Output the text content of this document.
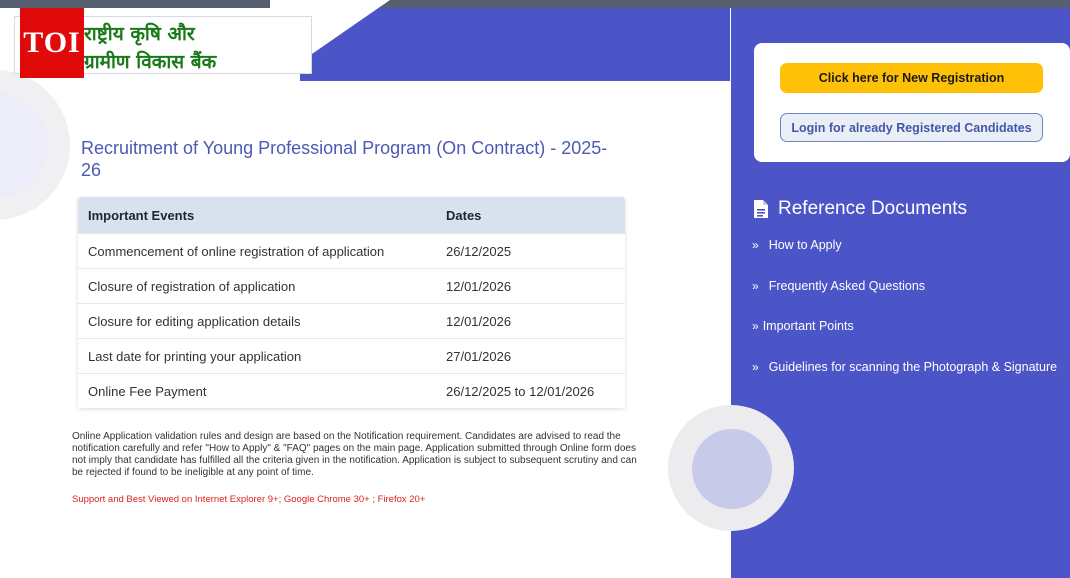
राष्ट्रीय कृषि और
ग्रामीण विकास बैंक
TOI
Recruitment of Young Professional Program (On Contract) - 2025-26
Important Events	Dates
Commencement of online registration of application	26/12/2025
Closure of registration of application	12/01/2026
Closure for editing application details	12/01/2026
Last date for printing your application	27/01/2026
Online Fee Payment	26/12/2025 to 12/01/2026
Online Application validation rules and design are based on the Notification requirement. Candidates are advised to read the notification carefully and refer "How to Apply" & "FAQ" pages on the main page. Application submitted through Online form does not imply that candidate has fulfilled all the criteria given in the notification. Application is subject to subsequent scrutiny and can be rejected if found to be ineligible at any point of time.
Support and Best Viewed on Internet Explorer 9+; Google Chrome 30+ ; Firefox 20+
Click here for New Registration
Login for already Registered Candidates
Reference Documents
» How to Apply
» Frequently Asked Questions
» Important Points
» Guidelines for scanning the Photograph & Signature
